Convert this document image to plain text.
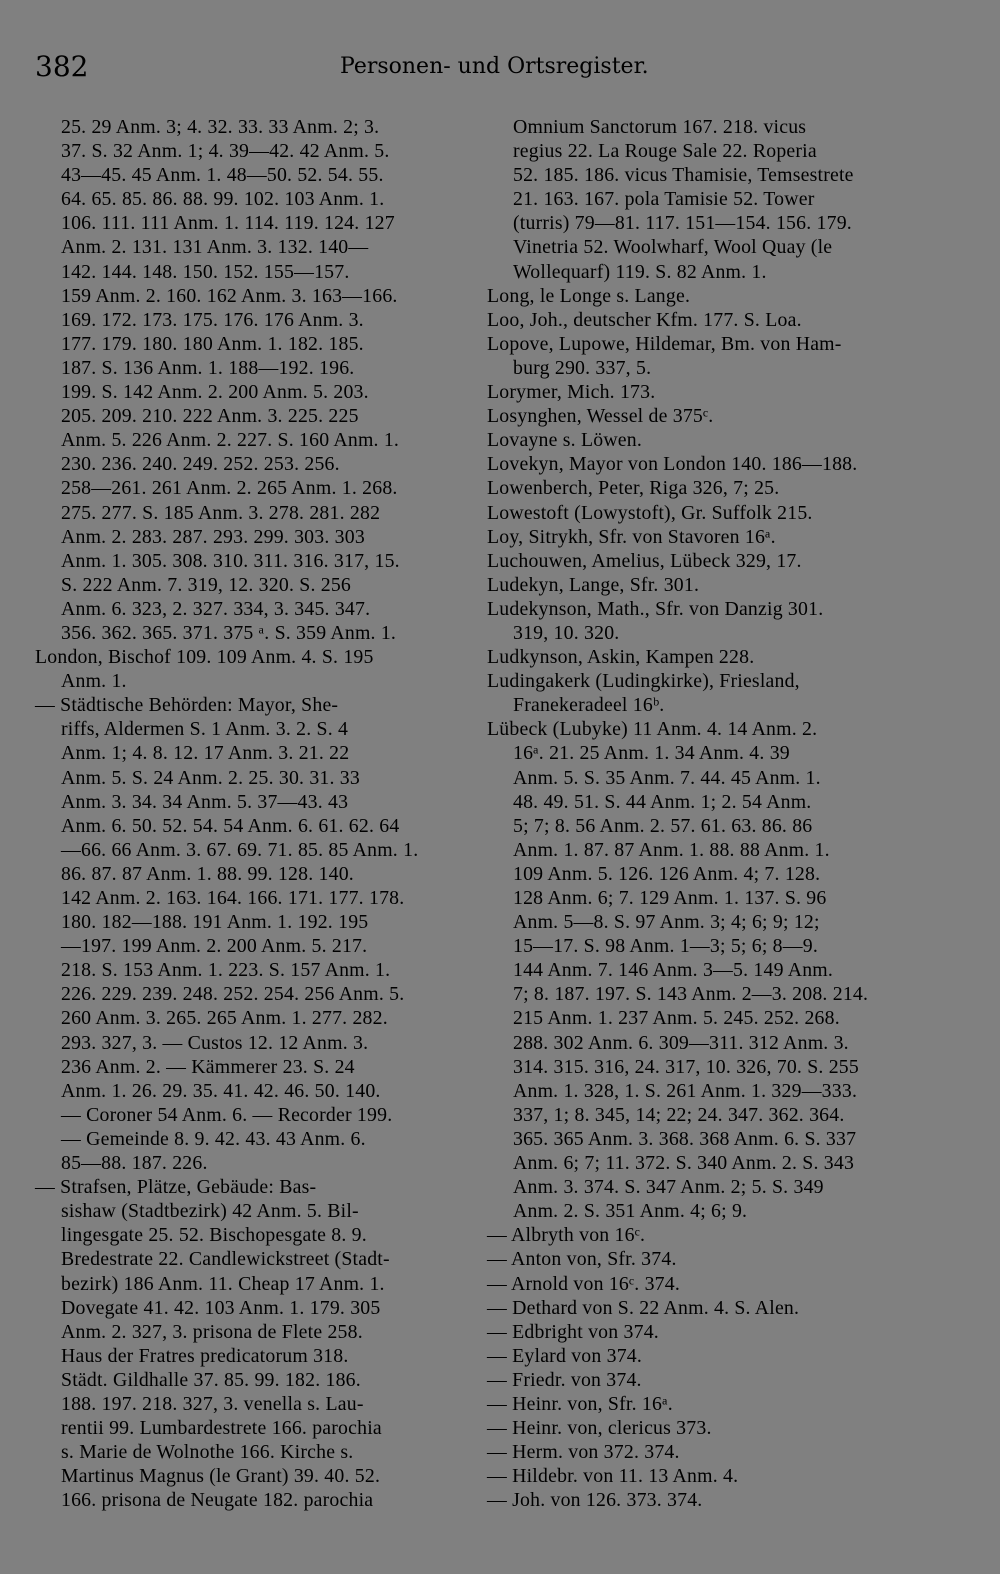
382	Personen- und Ortsregister.
25. 29 Anm. 3; 4. 32. 33. 33 Anm. 2; 3.
37. S. 32 Anm. 1; 4. 39—42. 42 Anm. 5.
43—45. 45 Anm. 1. 48—50. 52. 54. 55.
64. 65. 85. 86. 88. 99. 102. 103 Anm. 1.
106. 111. 111 Anm. 1. 114. 119. 124. 127
Anm. 2. 131. 131 Anm. 3. 132. 140—
142. 144. 148. 150. 152. 155—157.
159 Anm. 2. 160. 162 Anm. 3. 163—166.
169. 172. 173. 175. 176. 176 Anm. 3.
177. 179. 180. 180 Anm. 1. 182. 185.
187. S. 136 Anm. 1. 188—192. 196.
199. S. 142 Anm. 2. 200 Anm. 5. 203.
205. 209. 210. 222 Anm. 3. 225. 225
Anm. 5. 226 Anm. 2. 227. S. 160 Anm. 1.
230. 236. 240. 249. 252. 253. 256.
258—261. 261 Anm. 2. 265 Anm. 1. 268.
275. 277. S. 185 Anm. 3. 278. 281. 282
Anm. 2. 283. 287. 293. 299. 303. 303
Anm. 1. 305. 308. 310. 311. 316. 317, 15.
S. 222 Anm. 7. 319, 12. 320. S. 256
Anm. 6. 323, 2. 327. 334, 3. 345. 347.
356. 362. 365. 371. 375 ᵃ. S. 359 Anm. 1.
London, Bischof 109. 109 Anm. 4. S. 195
Anm. 1.
— Städtische Behörden: Mayor, She-
riffs, Aldermen S. 1 Anm. 3. 2. S. 4
Anm. 1; 4. 8. 12. 17 Anm. 3. 21. 22
Anm. 5. S. 24 Anm. 2. 25. 30. 31. 33
Anm. 3. 34. 34 Anm. 5. 37—43. 43
Anm. 6. 50. 52. 54. 54 Anm. 6. 61. 62. 64
—66. 66 Anm. 3. 67. 69. 71. 85. 85 Anm. 1.
86. 87. 87 Anm. 1. 88. 99. 128. 140.
142 Anm. 2. 163. 164. 166. 171. 177. 178.
180. 182—188. 191 Anm. 1. 192. 195
—197. 199 Anm. 2. 200 Anm. 5. 217.
218. S. 153 Anm. 1. 223. S. 157 Anm. 1.
226. 229. 239. 248. 252. 254. 256 Anm. 5.
260 Anm. 3. 265. 265 Anm. 1. 277. 282.
293. 327, 3. — Custos 12. 12 Anm. 3.
236 Anm. 2. — Kämmerer 23. S. 24
Anm. 1. 26. 29. 35. 41. 42. 46. 50. 140.
— Coroner 54 Anm. 6. — Recorder 199.
— Gemeinde 8. 9. 42. 43. 43 Anm. 6.
85—88. 187. 226.
— Strafsen, Plätze, Gebäude: Bas-
sishaw (Stadtbezirk) 42 Anm. 5. Bil-
lingesgate 25. 52. Bischopesgate 8. 9.
Bredestrate 22. Candlewickstreet (Stadt-
bezirk) 186 Anm. 11. Cheap 17 Anm. 1.
Dovegate 41. 42. 103 Anm. 1. 179. 305
Anm. 2. 327, 3. prisona de Flete 258.
Haus der Fratres predicatorum 318.
Städt. Gildhalle 37. 85. 99. 182. 186.
188. 197. 218. 327, 3. venella s. Lau-
rentii 99. Lumbardestrete 166. parochia
s. Marie de Wolnothe 166. Kirche s.
Martinus Magnus (le Grant) 39. 40. 52.
166. prisona de Neugate 182. parochia
Omnium Sanctorum 167. 218. vicus
regius 22. La Rouge Sale 22. Roperia
52. 185. 186. vicus Thamisie, Temsestrete
21. 163. 167. pola Tamisie 52. Tower
(turris) 79—81. 117. 151—154. 156. 179.
Vinetria 52. Woolwharf, Wool Quay (le
Wollequarf) 119. S. 82 Anm. 1.
Long, le Longe s. Lange.
Loo, Joh., deutscher Kfm. 177. S. Loa.
Lopove, Lupowe, Hildemar, Bm. von Ham-
burg 290. 337, 5.
Lorymer, Mich. 173.
Losynghen, Wessel de 375ᶜ.
Lovayne s. Löwen.
Lovekyn, Mayor von London 140. 186—188.
Lowenberch, Peter, Riga 326, 7; 25.
Lowestoft (Lowystoft), Gr. Suffolk 215.
Loy, Sitrykh, Sfr. von Stavoren 16ᵃ.
Luchouwen, Amelius, Lübeck 329, 17.
Ludekyn, Lange, Sfr. 301.
Ludekynson, Math., Sfr. von Danzig 301.
319, 10. 320.
Ludkynson, Askin, Kampen 228.
Ludingakerk (Ludingkirke), Friesland,
Franekeradeel 16ᵇ.
Lübeck (Lubyke) 11 Anm. 4. 14 Anm. 2.
16ᵃ. 21. 25 Anm. 1. 34 Anm. 4. 39
Anm. 5. S. 35 Anm. 7. 44. 45 Anm. 1.
48. 49. 51. S. 44 Anm. 1; 2. 54 Anm.
5; 7; 8. 56 Anm. 2. 57. 61. 63. 86. 86
Anm. 1. 87. 87 Anm. 1. 88. 88 Anm. 1.
109 Anm. 5. 126. 126 Anm. 4; 7. 128.
128 Anm. 6; 7. 129 Anm. 1. 137. S. 96
Anm. 5—8. S. 97 Anm. 3; 4; 6; 9; 12;
15—17. S. 98 Anm. 1—3; 5; 6; 8—9.
144 Anm. 7. 146 Anm. 3—5. 149 Anm.
7; 8. 187. 197. S. 143 Anm. 2—3. 208. 214.
215 Anm. 1. 237 Anm. 5. 245. 252. 268.
288. 302 Anm. 6. 309—311. 312 Anm. 3.
314. 315. 316, 24. 317, 10. 326, 70. S. 255
Anm. 1. 328, 1. S. 261 Anm. 1. 329—333.
337, 1; 8. 345, 14; 22; 24. 347. 362. 364.
365. 365 Anm. 3. 368. 368 Anm. 6. S. 337
Anm. 6; 7; 11. 372. S. 340 Anm. 2. S. 343
Anm. 3. 374. S. 347 Anm. 2; 5. S. 349
Anm. 2. S. 351 Anm. 4; 6; 9.
— Albryth von 16ᶜ.
— Anton von, Sfr. 374.
— Arnold von 16ᶜ. 374.
— Dethard von S. 22 Anm. 4. S. Alen.
— Edbright von 374.
— Eylard von 374.
— Friedr. von 374.
— Heinr. von, Sfr. 16ᵃ.
— Heinr. von, clericus 373.
— Herm. von 372. 374.
— Hildebr. von 11. 13 Anm. 4.
— Joh. von 126. 373. 374.
